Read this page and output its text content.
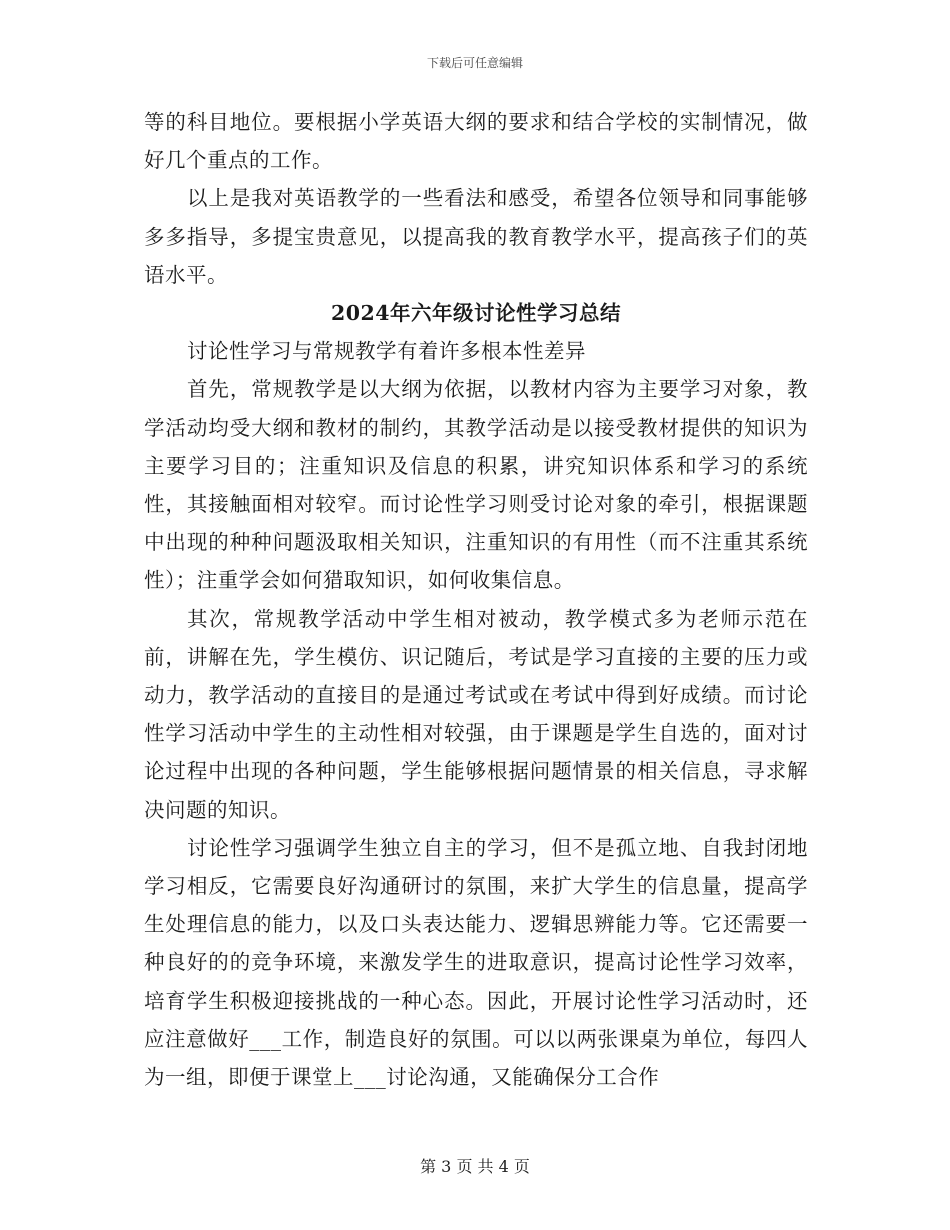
下载后可任意编辑

等的科目地位。要根据小学英语大纲的要求和结合学校的实制情况，做好几个重点的工作。

以上是我对英语教学的一些看法和感受，希望各位领导和同事能够多多指导，多提宝贵意见，以提高我的教育教学水平，提高孩子们的英语水平。

2024年六年级讨论性学习总结

讨论性学习与常规教学有着许多根本性差异

首先，常规教学是以大纲为依据，以教材内容为主要学习对象，教学活动均受大纲和教材的制约，其教学活动是以接受教材提供的知识为主要学习目的；注重知识及信息的积累，讲究知识体系和学习的系统性，其接触面相对较窄。而讨论性学习则受讨论对象的牵引，根据课题中出现的种种问题汲取相关知识，注重知识的有用性（而不注重其系统性）；注重学会如何猎取知识，如何收集信息。

其次，常规教学活动中学生相对被动，教学模式多为老师示范在前，讲解在先，学生模仿、识记随后，考试是学习直接的主要的压力或动力，教学活动的直接目的是通过考试或在考试中得到好成绩。而讨论性学习活动中学生的主动性相对较强，由于课题是学生自选的，面对讨论过程中出现的各种问题，学生能够根据问题情景的相关信息，寻求解决问题的知识。

讨论性学习强调学生独立自主的学习，但不是孤立地、自我封闭地学习相反，它需要良好沟通研讨的氛围，来扩大学生的信息量，提高学生处理信息的能力，以及口头表达能力、逻辑思辨能力等。它还需要一种良好的的竞争环境，来激发学生的进取意识，提高讨论性学习效率，培育学生积极迎接挑战的一种心态。因此，开展讨论性学习活动时，还应注意做好___工作，制造良好的氛围。可以以两张课桌为单位，每四人为一组，即便于课堂上___讨论沟通，又能确保分工合作

第 3 页 共 4 页
